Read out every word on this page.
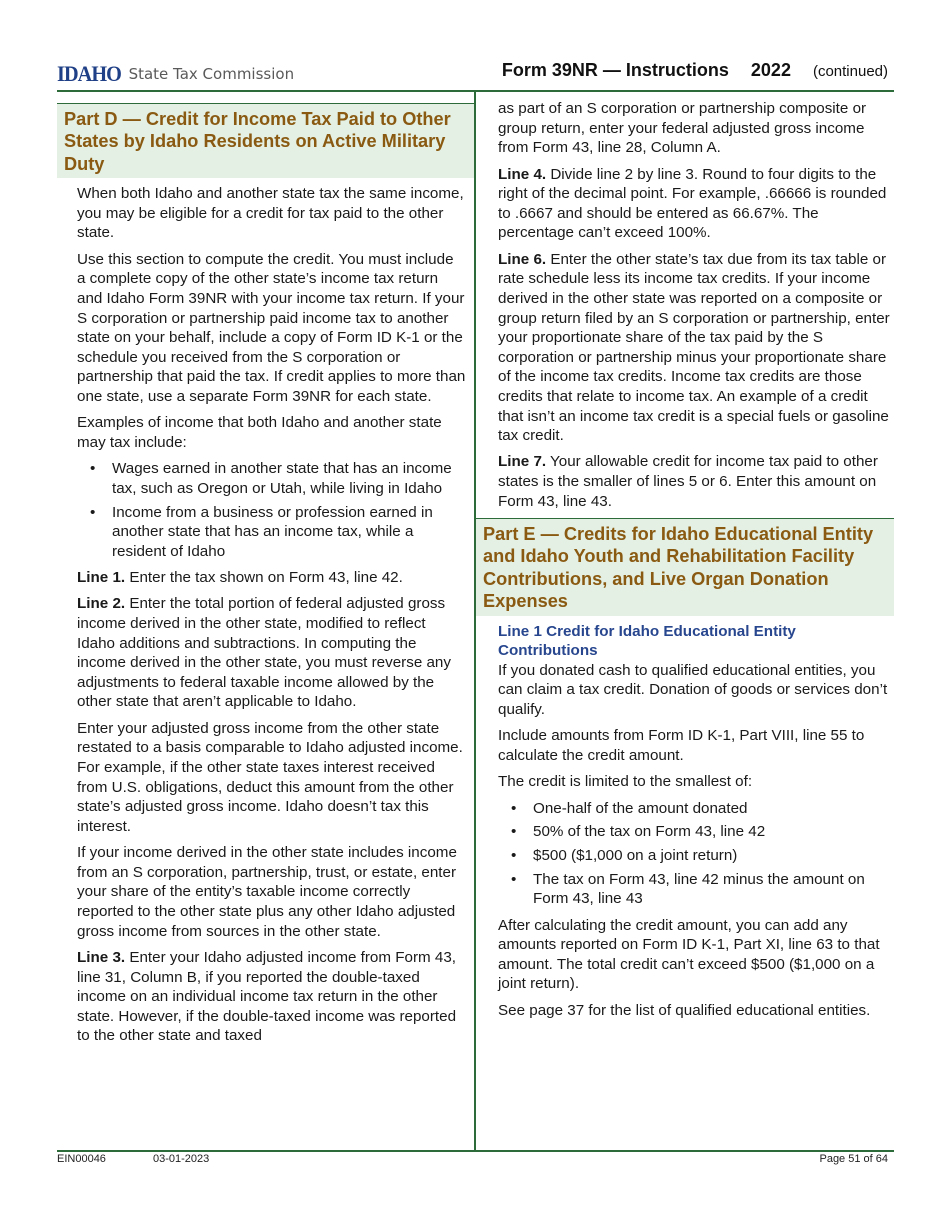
IDAHO State Tax Commission	Form 39NR — Instructions 2022 (continued)
Part D — Credit for Income Tax Paid to Other States by Idaho Residents on Active Military Duty

When both Idaho and another state tax the same income, you may be eligible for a credit for tax paid to the other state.

Use this section to compute the credit. You must include a complete copy of the other state’s income tax return and Idaho Form 39NR with your income tax return. If your S corporation or partnership paid income tax to another state on your behalf, include a copy of Form ID K-1 or the schedule you received from the S corporation or partnership that paid the tax. If credit applies to more than one state, use a separate Form 39NR for each state.

Examples of income that both Idaho and another state may tax include:

• Wages earned in another state that has an income tax, such as Oregon or Utah, while living in Idaho
• Income from a business or profession earned in another state that has an income tax, while a resident of Idaho

Line 1. Enter the tax shown on Form 43, line 42.

Line 2. Enter the total portion of federal adjusted gross income derived in the other state, modified to reflect Idaho additions and subtractions. In computing the income derived in the other state, you must reverse any adjustments to federal taxable income allowed by the other state that aren’t applicable to Idaho.

Enter your adjusted gross income from the other state restated to a basis comparable to Idaho adjusted income. For example, if the other state taxes interest received from U.S. obligations, deduct this amount from the other state’s adjusted gross income. Idaho doesn’t tax this interest.

If your income derived in the other state includes income from an S corporation, partnership, trust, or estate, enter your share of the entity’s taxable income correctly reported to the other state plus any other Idaho adjusted gross income from sources in the other state.

Line 3. Enter your Idaho adjusted income from Form 43, line 31, Column B, if you reported the double-taxed income on an individual income tax return in the other state. However, if the double-taxed income was reported to the other state and taxed

as part of an S corporation or partnership composite or group return, enter your federal adjusted gross income from Form 43, line 28, Column A.

Line 4. Divide line 2 by line 3. Round to four digits to the right of the decimal point. For example, .66666 is rounded to .6667 and should be entered as 66.67%. The percentage can’t exceed 100%.

Line 6. Enter the other state’s tax due from its tax table or rate schedule less its income tax credits. If your income derived in the other state was reported on a composite or group return filed by an S corporation or partnership, enter your proportionate share of the tax paid by the S corporation or partnership minus your proportionate share of the income tax credits. Income tax credits are those credits that relate to income tax. An example of a credit that isn’t an income tax credit is a special fuels or gasoline tax credit.

Line 7. Your allowable credit for income tax paid to other states is the smaller of lines 5 or 6. Enter this amount on Form 43, line 43.

Part E — Credits for Idaho Educational Entity and Idaho Youth and Rehabilitation Facility Contributions, and Live Organ Donation Expenses
Line 1 Credit for Idaho Educational Entity Contributions

If you donated cash to qualified educational entities, you can claim a tax credit. Donation of goods or services don’t qualify.

Include amounts from Form ID K-1, Part VIII, line 55 to calculate the credit amount.

The credit is limited to the smallest of:

• One-half of the amount donated
• 50% of the tax on Form 43, line 42
• $500 ($1,000 on a joint return)
• The tax on Form 43, line 42 minus the amount on Form 43, line 43

After calculating the credit amount, you can add any amounts reported on Form ID K-1, Part XI, line 63 to that amount. The total credit can’t exceed $500 ($1,000 on a joint return).

See page 37 for the list of qualified educational entities.

EIN00046	03-01-2023	Page 51 of 64
